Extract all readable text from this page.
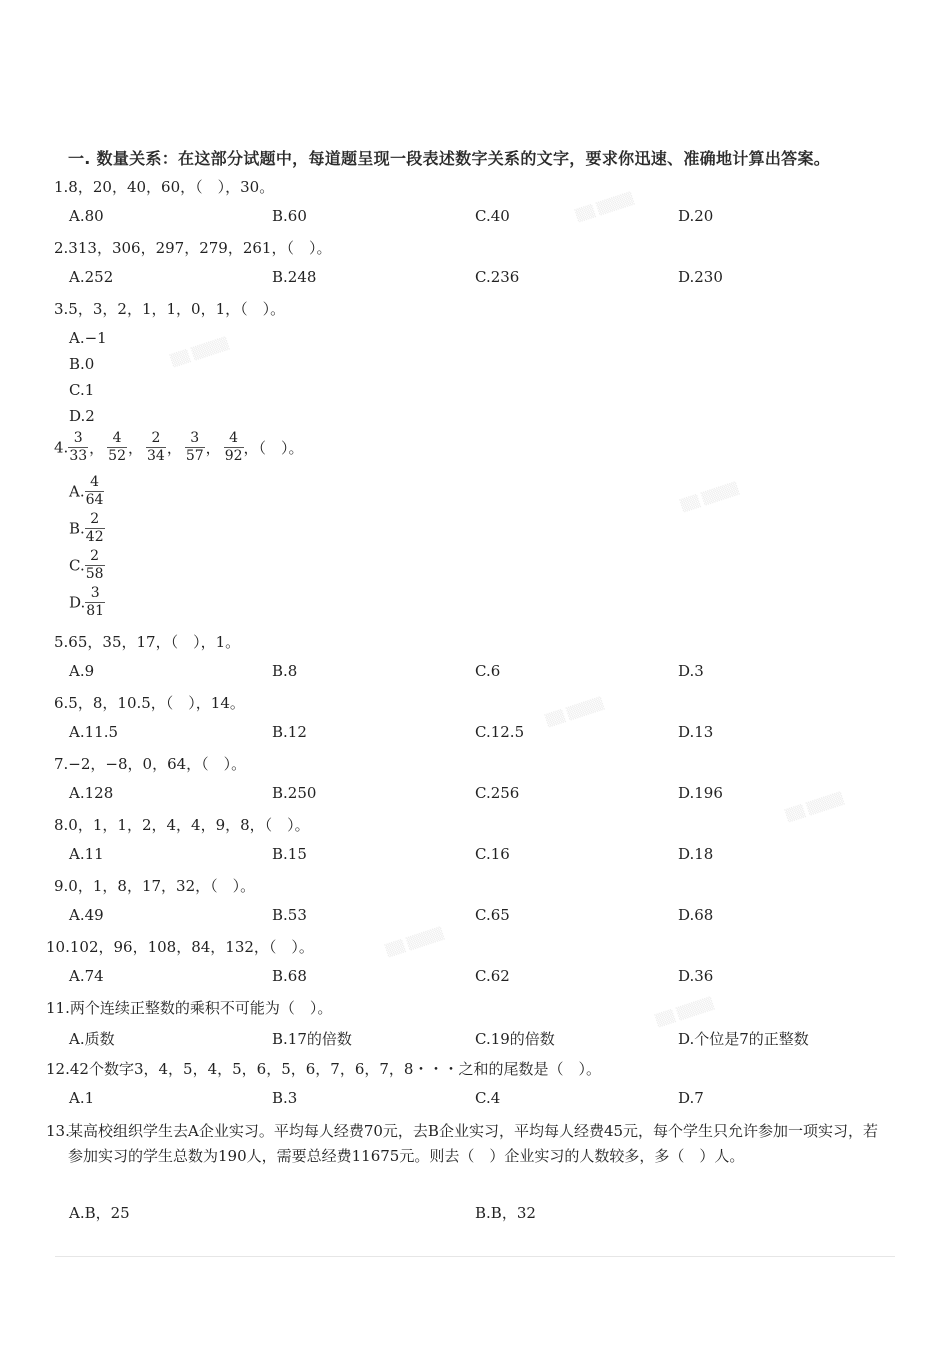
▒▒ ▒▒▒▒
▒▒ ▒▒▒▒
▒▒ ▒▒▒▒
▒▒ ▒▒▒▒
▒▒ ▒▒▒▒
▒▒ ▒▒▒▒
▒▒ ▒▒▒▒
一. 数量关系：在这部分试题中，每道题呈现一段表述数字关系的文字，要求你迅速、准确地计算出答案。
1.8，20，40，60，（　），30。
A.80	B.60	C.40	D.20
2.313，306，297，279，261，（　）。
A.252	B.248	C.236	D.230
3.5，3，2，1，1，0，1，（　）。
A.−1
B.0
C.1
D.2
4. $\frac{3}{33}$ ， $\frac{4}{52}$ ， $\frac{2}{34}$ ， $\frac{3}{57}$ ， $\frac{4}{92}$ ，（　）。
A. $\frac{4}{64}$
B. $\frac{2}{42}$
C. $\frac{2}{58}$
D. $\frac{3}{81}$
5.65，35，17，（　），1。
A.9	B.8	C.6	D.3
6.5，8，10.5，（　），14。
A.11.5	B.12	C.12.5	D.13
7.−2，−8，0，64，（　）。
A.128	B.250	C.256	D.196
8.0，1，1，2，4，4，9，8，（　）。
A.11	B.15	C.16	D.18
9.0，1，8，17，32，（　）。
A.49	B.53	C.65	D.68
10.102，96，108，84，132，（　）。
A.74	B.68	C.62	D.36
11.两个连续正整数的乘积不可能为（　）。
A.质数	B.17的倍数	C.19的倍数	D.个位是7的正整数
12.42个数字3，4，5，4，5，6，5，6，7，6，7，8・・・之和的尾数是（　）。
A.1	B.3	C.4	D.7
13.
某高校组织学生去A企业实习。平均每人经费70元，去B企业实习，平均每人经费45元，每个学生只允许参加一项实习，若参加实习的学生总数为190人，需要总经费11675元。则去（　）企业实习的人数较多，多（　）人。
A.B，25	B.B，32
